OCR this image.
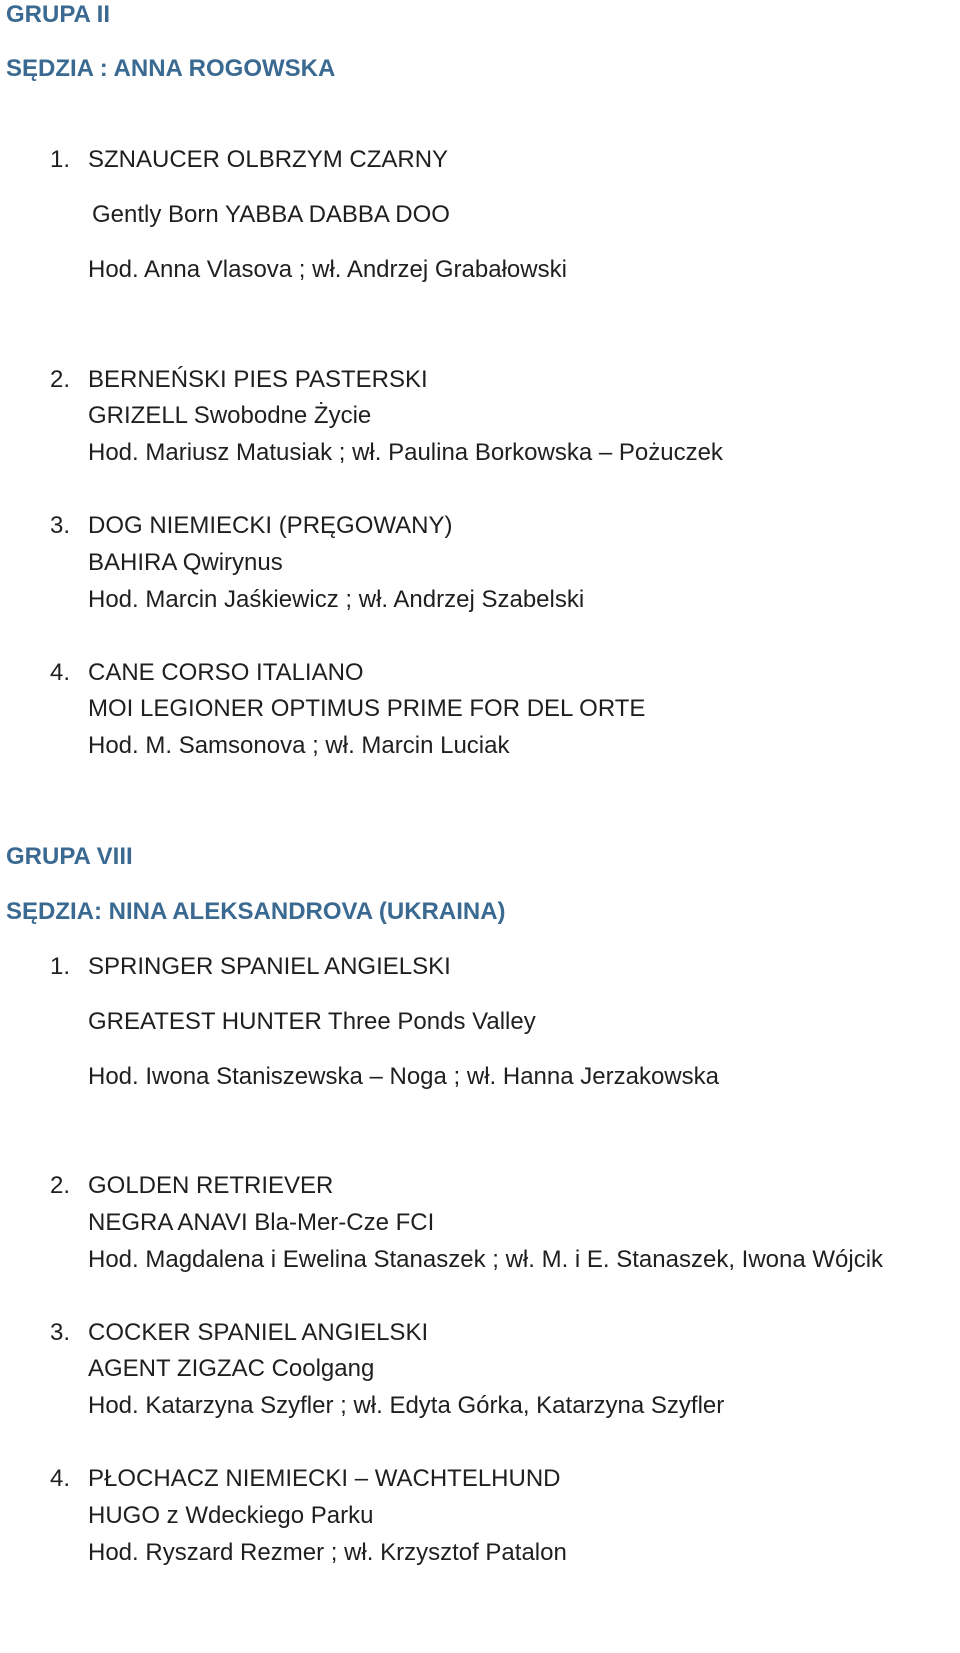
GRUPA II
SĘDZIA : ANNA ROGOWSKA
1. SZNAUCER OLBRZYM CZARNY
Gently Born YABBA DABBA DOO
Hod. Anna Vlasova ; wł. Andrzej Grabałowski
2. BERNEŃSKI PIES PASTERSKI
GRIZELL Swobodne Życie
Hod. Mariusz Matusiak ; wł. Paulina Borkowska – Pożuczek
3. DOG NIEMIECKI (PRĘGOWANY)
BAHIRA Qwirynus
Hod. Marcin Jaśkiewicz ; wł. Andrzej Szabelski
4. CANE CORSO ITALIANO
MOI LEGIONER OPTIMUS PRIME FOR DEL ORTE
Hod. M. Samsonova ; wł. Marcin Luciak
GRUPA VIII
SĘDZIA: NINA ALEKSANDROVA (UKRAINA)
1. SPRINGER SPANIEL ANGIELSKI
GREATEST HUNTER Three Ponds Valley
Hod. Iwona Staniszewska – Noga ; wł. Hanna Jerzakowska
2. GOLDEN RETRIEVER
NEGRA ANAVI Bla-Mer-Cze FCI
Hod. Magdalena i Ewelina Stanaszek ; wł. M. i E. Stanaszek, Iwona Wójcik
3. COCKER SPANIEL ANGIELSKI
AGENT ZIGZAC Coolgang
Hod. Katarzyna Szyfler ; wł. Edyta Górka, Katarzyna Szyfler
4. PŁOCHACZ NIEMIECKI – WACHTELHUND
HUGO z Wdeckiego Parku
Hod. Ryszard Rezmer ; wł. Krzysztof Patalon
